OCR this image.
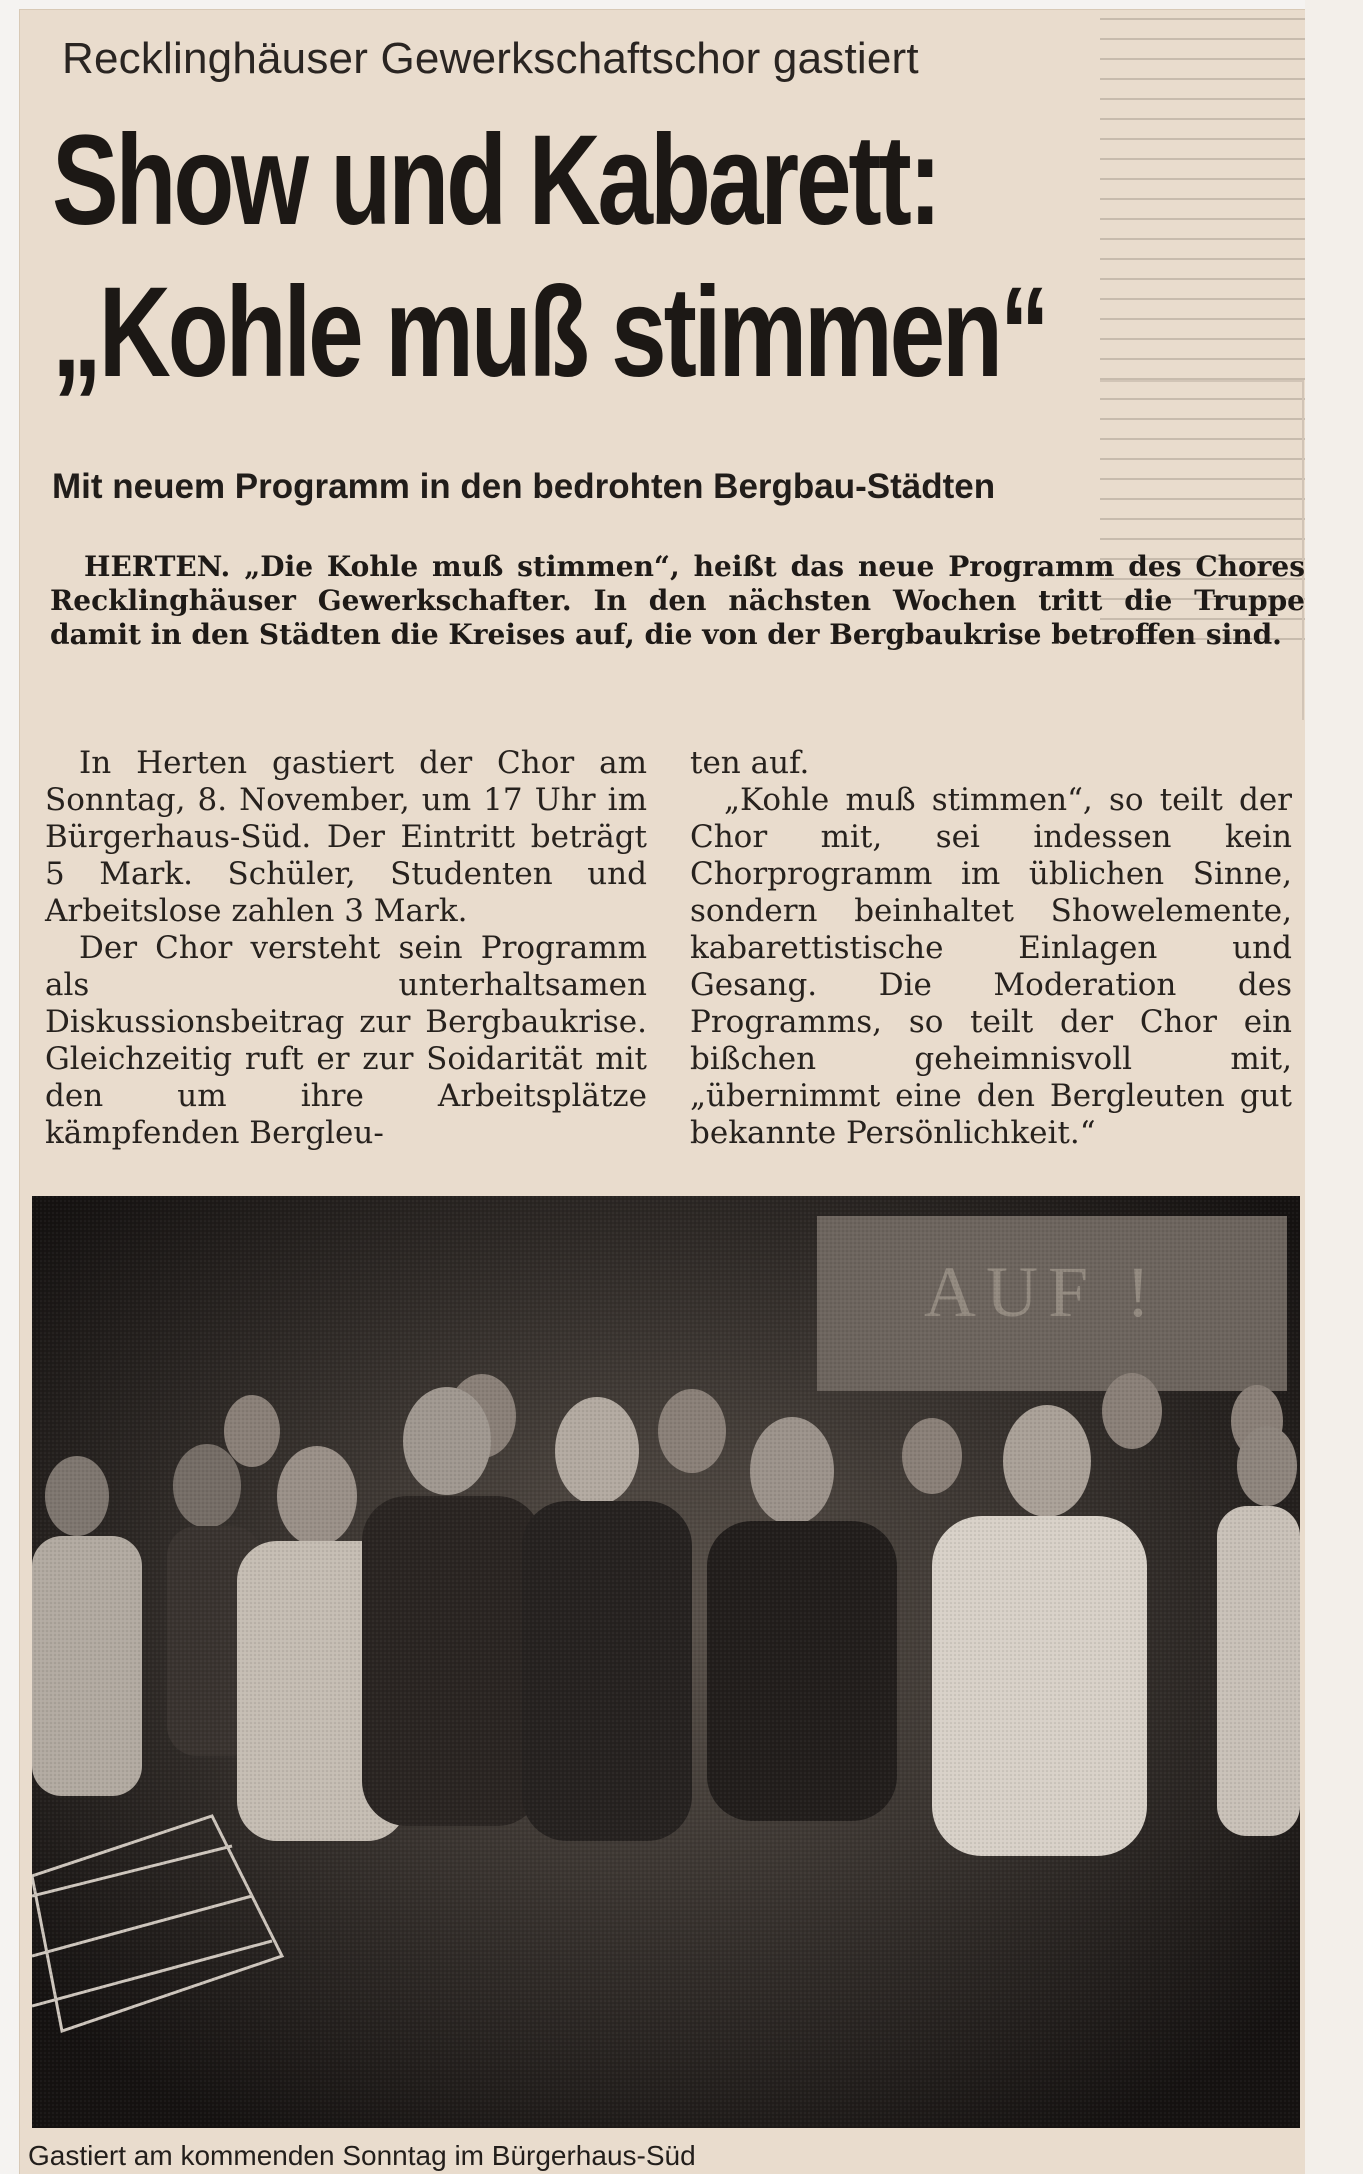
Recklinghäuser Gewerkschaftschor gastiert
Show und Kabarett:
„Kohle muß stimmen“
Mit neuem Programm in den bedrohten Bergbau-Städten
HERTEN. „Die Kohle muß stimmen“, heißt das neue Programm des Chores Recklinghäuser Gewerkschafter. In den nächsten Wochen tritt die Truppe damit in den Städten die Kreises auf, die von der Bergbaukrise betroffen sind.

In Herten gastiert der Chor am Sonntag, 8. November, um 17 Uhr im Bürgerhaus-Süd. Der Eintritt beträgt 5 Mark. Schüler, Studenten und Arbeitslose zahlen 3 Mark.

Der Chor versteht sein Programm als unterhaltsamen Diskussionsbeitrag zur Bergbaukrise. Gleichzeitig ruft er zur Soidarität mit den um ihre Arbeitsplätze kämpfenden Bergleu-

ten auf.

„Kohle muß stimmen“, so teilt der Chor mit, sei indessen kein Chorprogramm im üblichen Sinne, sondern beinhaltet Showelemente, kabarettistische Einlagen und Gesang. Die Moderation des Programms, so teilt der Chor ein bißchen geheimnisvoll mit, „übernimmt eine den Bergleuten gut bekannte Persönlichkeit.“

Gastiert am kommenden Sonntag im Bürgerhaus-Süd
